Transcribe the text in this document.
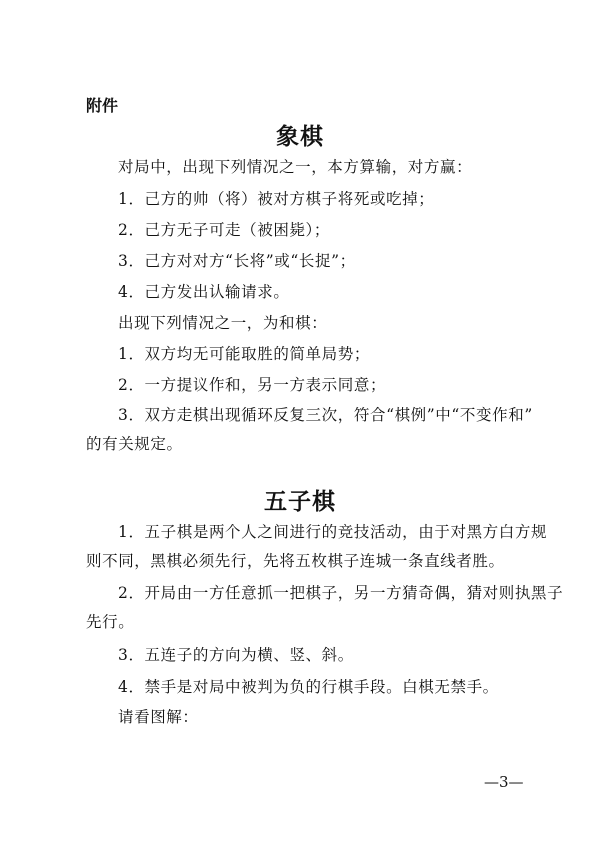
附件
象棋
对局中，出现下列情况之一，本方算输，对方赢：
1．己方的帅（将）被对方棋子将死或吃掉；
2．己方无子可走（被困毙）；
3．己方对对方“长将”或“长捉”；
4．己方发出认输请求。
出现下列情况之一，为和棋：
1．双方均无可能取胜的简单局势；
2．一方提议作和，另一方表示同意；
3．双方走棋出现循环反复三次，符合“棋例”中“不变作和”
的有关规定。
五子棋
1．五子棋是两个人之间进行的竞技活动，由于对黑方白方规
则不同，黑棋必须先行，先将五枚棋子连城一条直线者胜。
2．开局由一方任意抓一把棋子，另一方猜奇偶，猜对则执黑子
先行。
3．五连子的方向为横、竖、斜。
4．禁手是对局中被判为负的行棋手段。白棋无禁手。
请看图解：
—3—
